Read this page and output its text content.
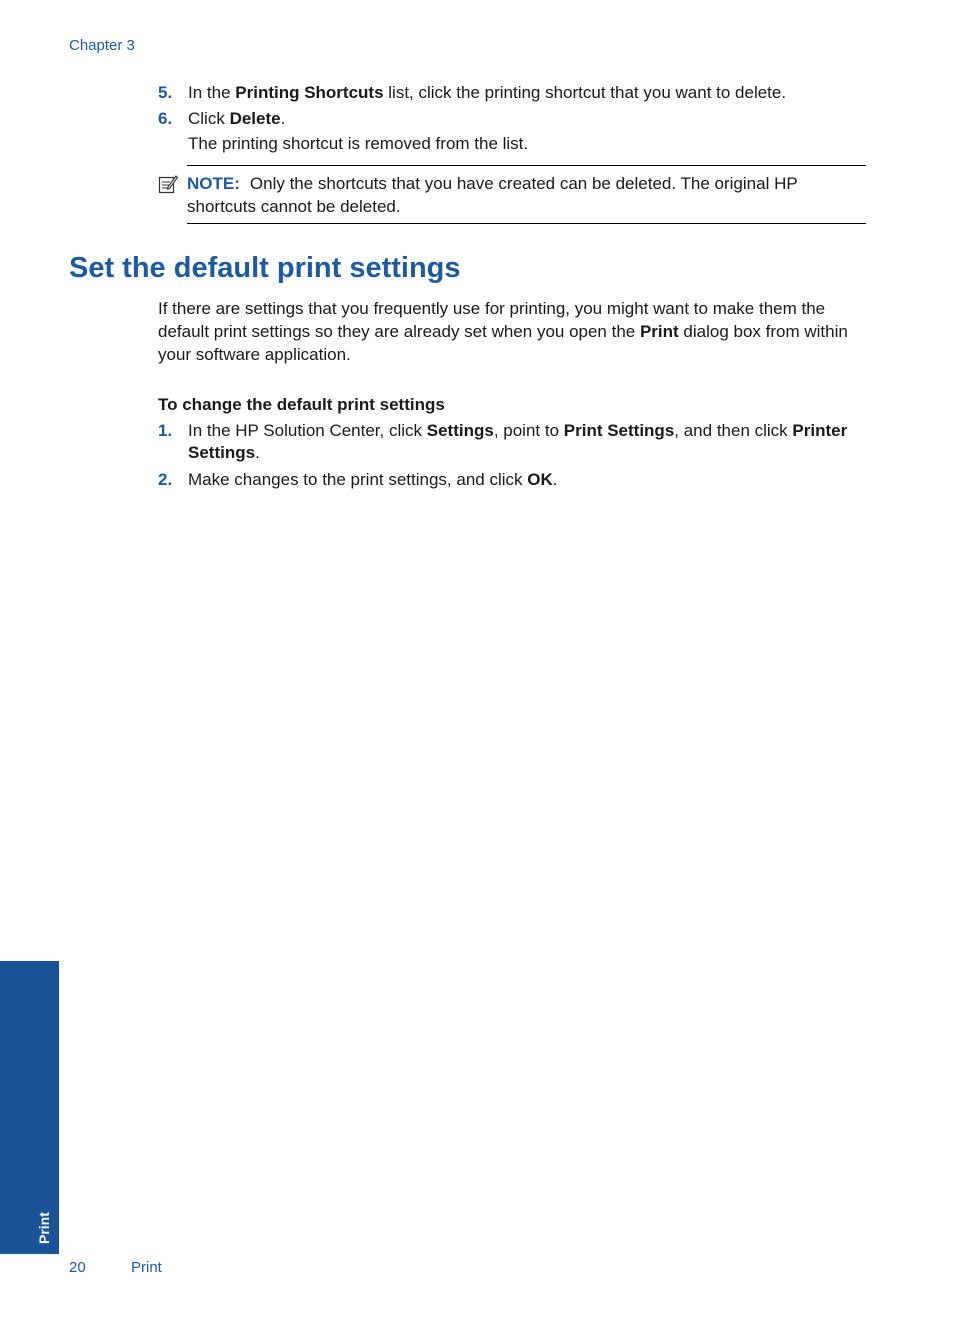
Chapter 3
5. In the Printing Shortcuts list, click the printing shortcut that you want to delete.
6. Click Delete.
The printing shortcut is removed from the list.
NOTE: Only the shortcuts that you have created can be deleted. The original HP shortcuts cannot be deleted.
Set the default print settings

If there are settings that you frequently use for printing, you might want to make them the default print settings so they are already set when you open the Print dialog box from within your software application.

To change the default print settings

1. In the HP Solution Center, click Settings, point to Print Settings, and then click Printer Settings.
2. Make changes to the print settings, and click OK.
Print
20	Print
